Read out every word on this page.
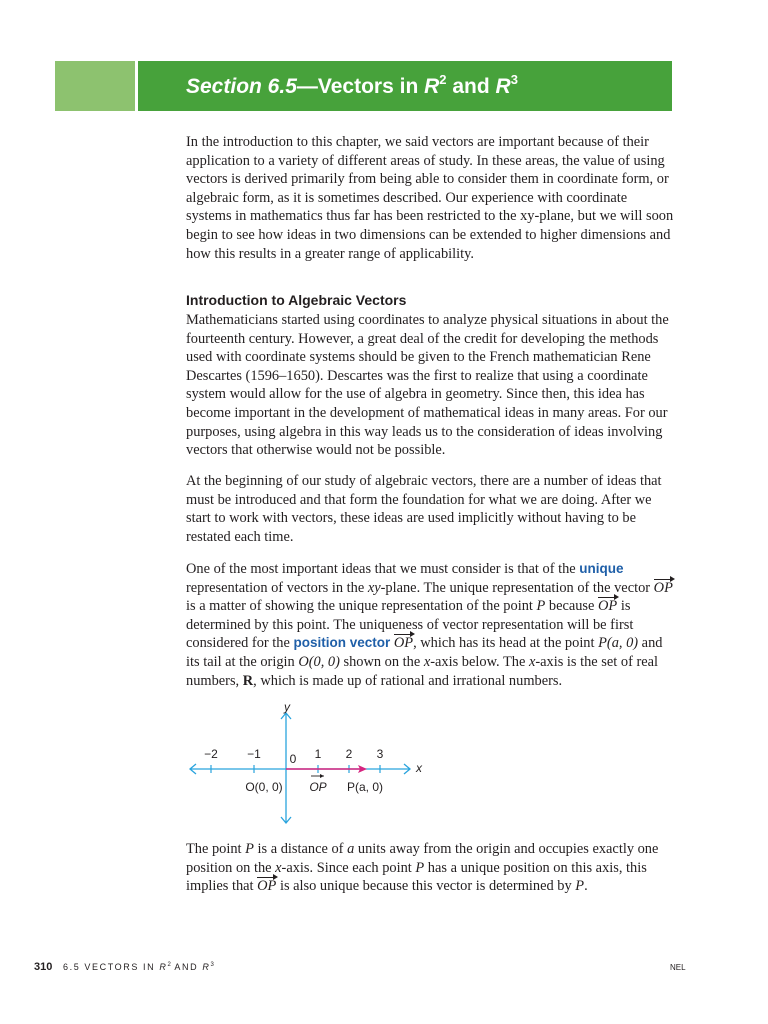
Section 6.5—Vectors in $R^2$ and $R^3$

In the introduction to this chapter, we said vectors are important because of their application to a variety of different areas of study. In these areas, the value of using vectors is derived primarily from being able to consider them in coordinate form, or algebraic form, as it is sometimes described. Our experience with coordinate systems in mathematics thus far has been restricted to the xy-plane, but we will soon begin to see how ideas in two dimensions can be extended to higher dimensions and how this results in a greater range of applicability.

Introduction to Algebraic Vectors

Mathematicians started using coordinates to analyze physical situations in about the fourteenth century. However, a great deal of the credit for developing the methods used with coordinate systems should be given to the French mathematician Rene Descartes (1596–1650). Descartes was the first to realize that using a coordinate system would allow for the use of algebra in geometry. Since then, this idea has become important in the development of mathematical ideas in many areas. For our purposes, using algebra in this way leads us to the consideration of ideas involving vectors that otherwise would not be possible.

At the beginning of our study of algebraic vectors, there are a number of ideas that must be introduced and that form the foundation for what we are doing. After we start to work with vectors, these ideas are used implicitly without having to be restated each time.

One of the most important ideas that we must consider is that of the unique representation of vectors in the xy-plane. The unique representation of the vector OP is a matter of showing the unique representation of the point P because OP is determined by this point. The uniqueness of vector representation will be first considered for the position vector OP, which has its head at the point P(a, 0) and its tail at the origin O(0, 0) shown on the x-axis below. The x-axis is the set of real numbers, R, which is made up of rational and irrational numbers.

y
x
−2 −1 0 1 2 3
O(0, 0) OP P(a, 0)

The point P is a distance of a units away from the origin and occupies exactly one position on the x-axis. Since each point P has a unique position on this axis, this implies that OP is also unique because this vector is determined by P.

310 6.5 VECTORS IN $R^2$ AND $R^3$	NEL
